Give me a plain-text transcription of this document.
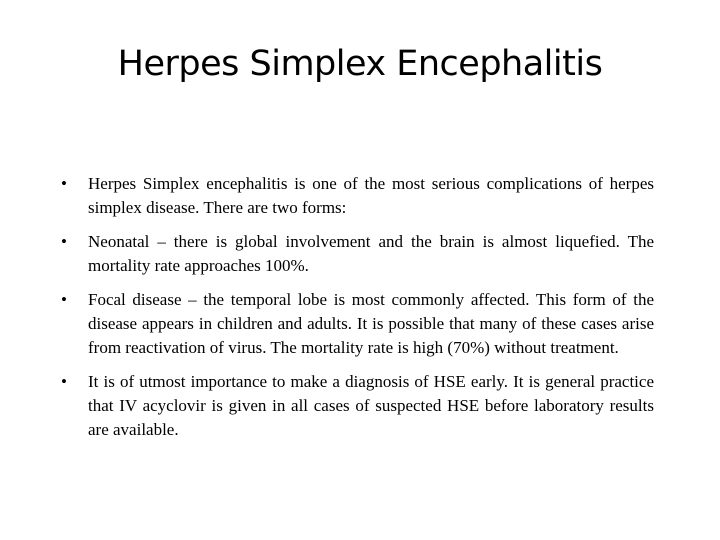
Herpes Simplex Encephalitis
• Herpes Simplex encephalitis is one of the most serious complications of herpes simplex disease. There are two forms:
• Neonatal – there is global involvement and the brain is almost liquefied. The mortality rate approaches 100%.
• Focal disease – the temporal lobe is most commonly affected. This form of the disease appears in children and adults. It is possible that many of these cases arise from reactivation of virus. The mortality rate is high (70%) without treatment.
• It is of utmost importance to make a diagnosis of HSE early. It is general practice that IV acyclovir is given in all cases of suspected HSE before laboratory results are available.
